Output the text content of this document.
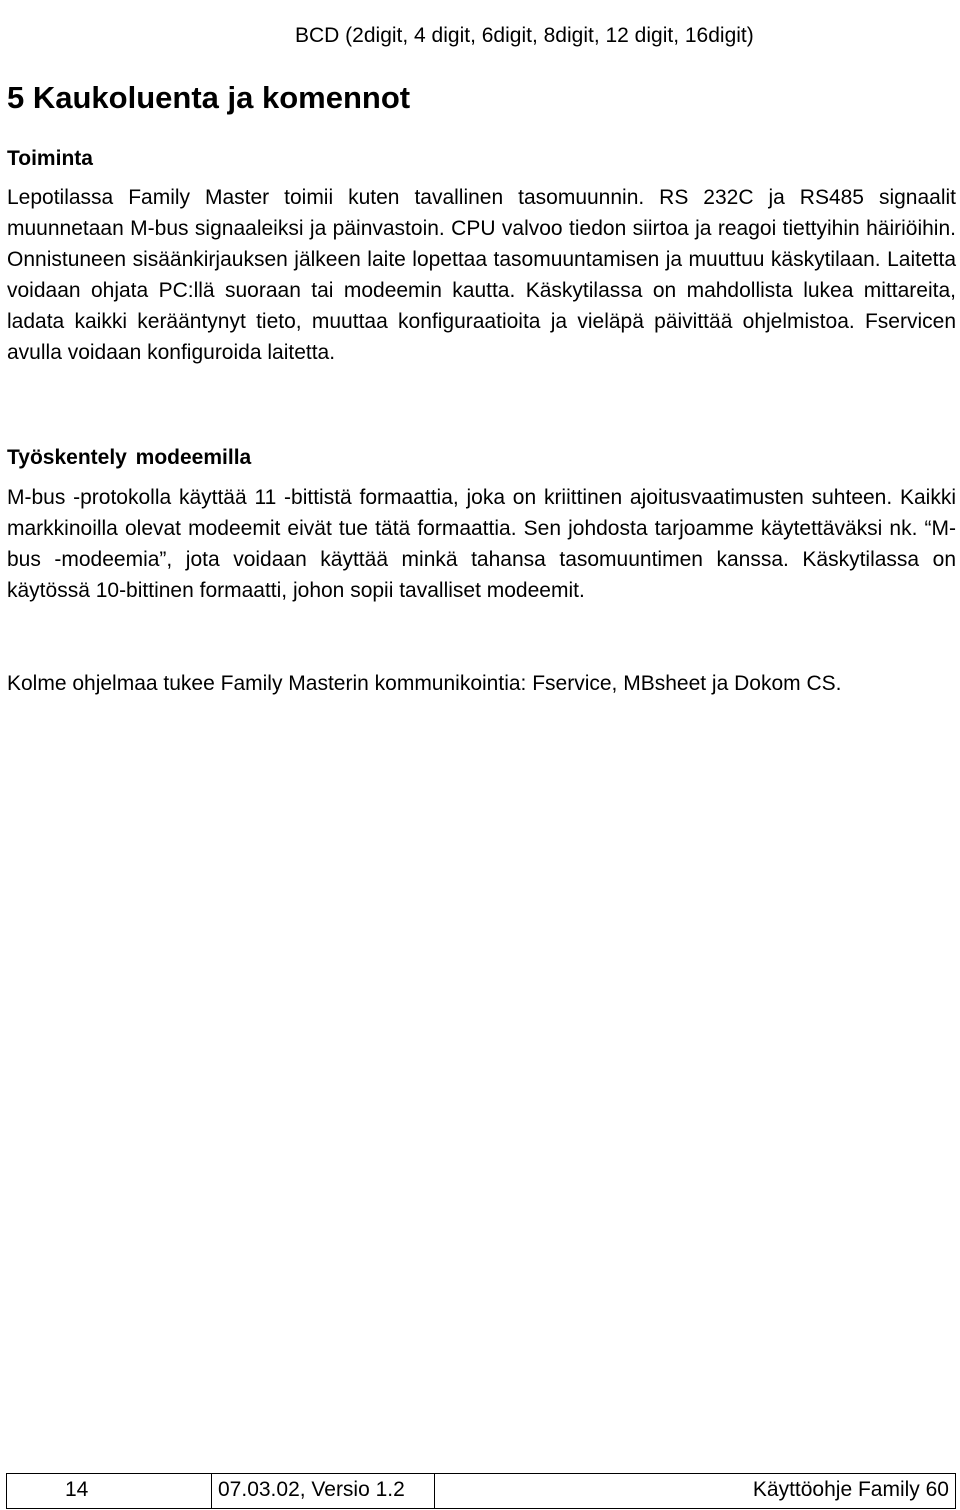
BCD (2digit, 4 digit, 6digit, 8digit, 12 digit, 16digit)
5 Kaukoluenta ja komennot
Toiminta

Lepotilassa Family Master toimii kuten tavallinen tasomuunnin. RS 232C ja RS485 signaalit muunnetaan M-bus signaaleiksi ja päinvastoin. CPU valvoo tiedon siirtoa ja reagoi tiettyihin häiriöihin. Onnistuneen sisäänkirjauksen jälkeen laite lopettaa tasomuuntamisen ja muuttuu käskytilaan. Laitetta voidaan ohjata PC:llä suoraan tai modeemin kautta. Käskytilassa on mahdollista lukea mittareita, ladata kaikki kerääntynyt tieto, muuttaa konfiguraatioita ja vieläpä päivittää ohjelmistoa. Fservicen avulla voidaan konfiguroida laitetta.

Työskentely modeemilla

M-bus -protokolla käyttää 11 -bittistä formaattia, joka on kriittinen ajoitusvaatimusten suhteen. Kaikki markkinoilla olevat modeemit eivät tue tätä formaattia. Sen johdosta tarjoamme käytettäväksi nk. “M-bus -modeemia”, jota voidaan käyttää minkä tahansa tasomuuntimen kanssa. Käskytilassa on käytössä 10-bittinen formaatti, johon sopii tavalliset modeemit.

Kolme ohjelmaa tukee Family Masterin kommunikointia: Fservice, MBsheet ja Dokom CS.

14	07.03.02, Versio 1.2	Käyttöohje Family 60
